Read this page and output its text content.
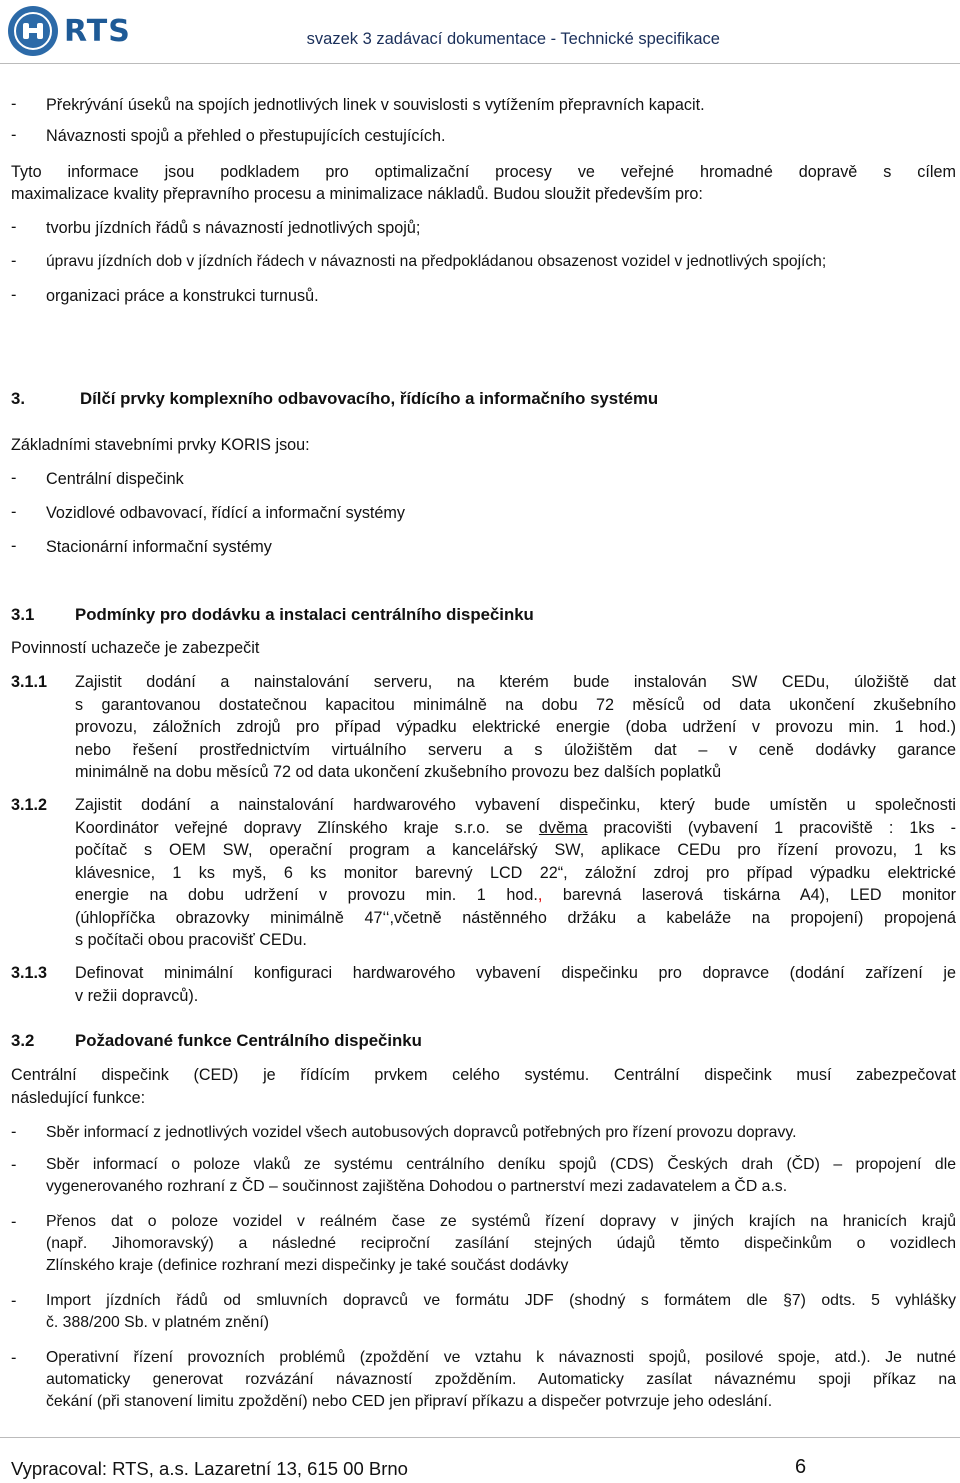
RTS	svazek 3 zadávací dokumentace - Technické specifikace
- Překrývání úseků na spojích jednotlivých linek v souvislosti s vytížením přepravních kapacit.
- Návaznosti spojů a přehled o přestupujících cestujících.
Tyto informace jsou podkladem pro optimalizační procesy ve veřejné hromadné dopravě s cílem
maximalizace kvality přepravního procesu a minimalizace nákladů. Budou sloužit především pro:
- tvorbu jízdních řádů s návazností jednotlivých spojů;
- úpravu jízdních dob v jízdních řádech v návaznosti na předpokládanou obsazenost vozidel v jednotlivých spojích;
- organizaci práce a konstrukci turnusů.
3.	Dílčí prvky komplexního odbavovacího, řídícího a informačního systému
Základními stavebními prvky KORIS jsou:
- Centrální dispečink
- Vozidlové odbavovací, řídící a informační systémy
- Stacionární informační systémy
3.1 Podmínky pro dodávku a instalaci centrálního dispečinku
Povinností uchazeče je zabezpečit
3.1.1 Zajistit dodání a nainstalování serveru, na kterém bude instalován SW CEDu, úložiště dat
s garantovanou dostatečnou kapacitou minimálně na dobu 72 měsíců od data ukončení zkušebního
provozu, záložních zdrojů pro případ výpadku elektrické energie (doba udržení v provozu min. 1 hod.)
nebo řešení prostřednictvím virtuálního serveru a s úložištěm dat – v ceně dodávky garance
minimálně na dobu měsíců 72 od data ukončení zkušebního provozu bez dalších poplatků
3.1.2 Zajistit dodání a nainstalování hardwarového vybavení dispečinku, který bude umístěn u společnosti
Koordinátor veřejné dopravy Zlínského kraje s.r.o. se dvěma pracovišti (vybavení 1 pracoviště : 1ks -
počítač s OEM SW, operační program a kancelářský SW, aplikace CEDu pro řízení provozu, 1 ks
klávesnice, 1 ks myš, 6 ks monitor barevný LCD 22“, záložní zdroj pro případ výpadku elektrické
energie na dobu udržení v provozu min. 1 hod., barevná laserová tiskárna A4), LED monitor
(úhlopříčka obrazovky minimálně 47‘‘,včetně nástěnného držáku a kabeláže na propojení) propojená
s počítači obou pracovišť CEDu.
3.1.3 Definovat minimální konfiguraci hardwarového vybavení dispečinku pro dopravce (dodání zařízení je
v režii dopravců).
3.2 Požadované funkce Centrálního dispečinku
Centrální dispečink (CED) je řídícím prvkem celého systému. Centrální dispečink musí zabezpečovat
následující funkce:
- Sběr informací z jednotlivých vozidel všech autobusových dopravců potřebných pro řízení provozu dopravy.
- Sběr informací o poloze vlaků ze systému centrálního deníku spojů (CDS) Českých drah (ČD) – propojení dle
vygenerovaného rozhraní z ČD – součinnost zajištěna Dohodou o partnerství mezi zadavatelem a ČD a.s.
- Přenos dat o poloze vozidel v reálném čase ze systémů řízení dopravy v jiných krajích na hranicích krajů
(např. Jihomoravský) a následné reciproční zasílání stejných údajů těmto dispečinkům o vozidlech
Zlínského kraje (definice rozhraní mezi dispečinky je také součást dodávky
- Import jízdních řádů od smluvních dopravců ve formátu JDF (shodný s formátem dle §7) odts. 5 vyhlášky
č. 388/200 Sb. v platném znění)
- Operativní řízení provozních problémů (zpoždění ve vztahu k návaznosti spojů, posilové spoje, atd.). Je nutné
automaticky generovat rozvázání návazností zpožděním. Automaticky zasílat návaznému spoji příkaz na
čekání (při stanovení limitu zpoždění) nebo CED jen připraví příkazu a dispečer potvrzuje jeho odeslání.
Vypracoval: RTS, a.s. Lazaretní 13, 615 00 Brno	6
